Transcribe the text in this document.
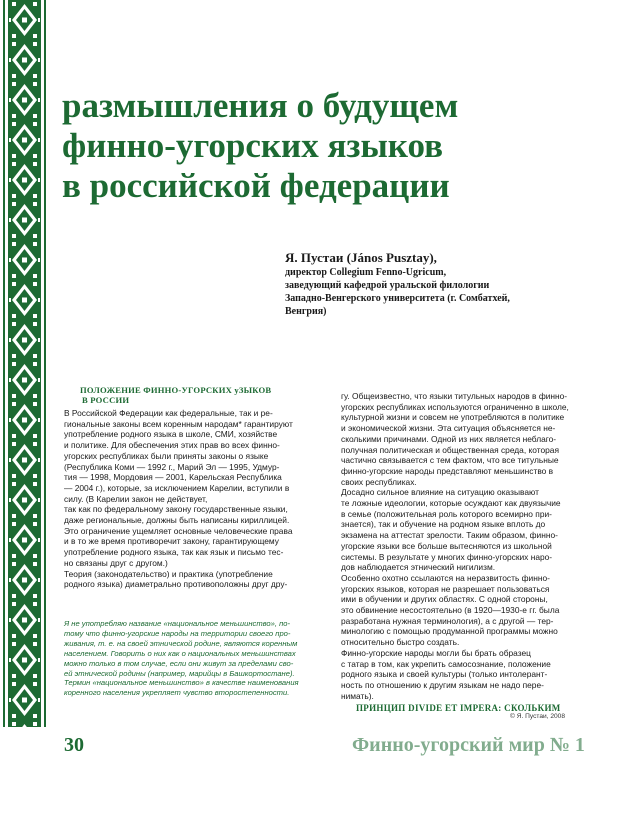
размышления о будущем
финно-угорских языков
в российской федерации
Я. Пустаи (János Pusztay),
директор Collegium Fenno-Ugricum,
заведующий кафедрой уральской филологии
Западно-Венгерского университета (г. Сомбатхей,
Венгрия)
ПОЛОЖЕНИЕ ФИННО-УГОРСКИХ уЗЫКОВ
В РОССИИ
В Российской Федерации как федеральные, так и ре-
гиональные законы всем коренным народам* гарантируют
употребление родного языка в школе, СМИ, хозяйстве
и политике. Для обеспечения этих прав во всех финно-
угорских республиках были приняты законы о языке
(Республика Коми — 1992 г., Марий Эл — 1995, Удмур-
тия — 1998, Мордовия — 2001, Карельская Республика
— 2004 г.), которые, за исключением Карелии, вступили в
силу. (В Карелии закон не действует,
так как по федеральному закону государственные языки,
даже региональные, должны быть написаны кириллицей.
Это ограничение ущемляет основные человеческие права
и в то же время противоречит закону, гарантирующему
употребление родного языка, так как язык и письмо тес-
но связаны друг с другом.)
Теория (законодательство) и практика (употребление
родного языка) диаметрально противоположны друг дру-
Я не употребляю название «национальное меньшинство», по-
тому что финно-угорские народы на территории своего про-
живания, т. е. на своей этнической родине, являются коренным
населением. Говорить о них как о национальных меньшинствах
можно только в том случае, если они живут за пределами сво-
ей этнической родины (например, марийцы в Башкортостане).
Термин «национальное меньшинство» в качестве наименования
коренного населения укрепляет чувство второстепенности.
гу. Общеизвестно, что языки титульных народов в финно-
угорских республиках используются ограниченно в школе,
культурной жизни и совсем не употребляются в политике
и экономической жизни. Эта ситуация объясняется не-
сколькими причинами. Одной из них является неблаго-
получная политическая и общественная среда, которая
частично связывается с тем фактом, что все титульные
финно-угорские народы представляют меньшинство в
своих республиках.
Досадно сильное влияние на ситуацию оказывают
те ложные идеологии, которые осуждают как двуязычие
в семье (положительная роль которого всемирно при-
знается), так и обучение на родном языке вплоть до
экзамена на аттестат зрелости. Таким образом, финно-
угорские языки все больше вытесняются из школьной
системы. В результате у многих финно-угорских наро-
дов наблюдается этнический нигилизм.
Особенно охотно ссылаются на неразвитость финно-
угорских языков, которая не разрешает пользоваться
ими в обучении и других областях. С одной стороны,
это обвинение несостоятельно (в 1920—1930-е гг. была
разработана нужная терминология), а с другой — тер-
минологию с помощью продуманной программы можно
относительно быстро создать.
Финно-угорские народы могли бы брать образец
с татар в том, как укрепить самосознание, положение
родного языка и своей культуры (только интолерант-
ность по отношению к другим языкам не надо пере-
нимать).
ПРИНЦИП DIVIDE ET IMPERA: СКОЛЬКИМ
© Я. Пустаи, 2008
30	Финно-угорский мир № 1
